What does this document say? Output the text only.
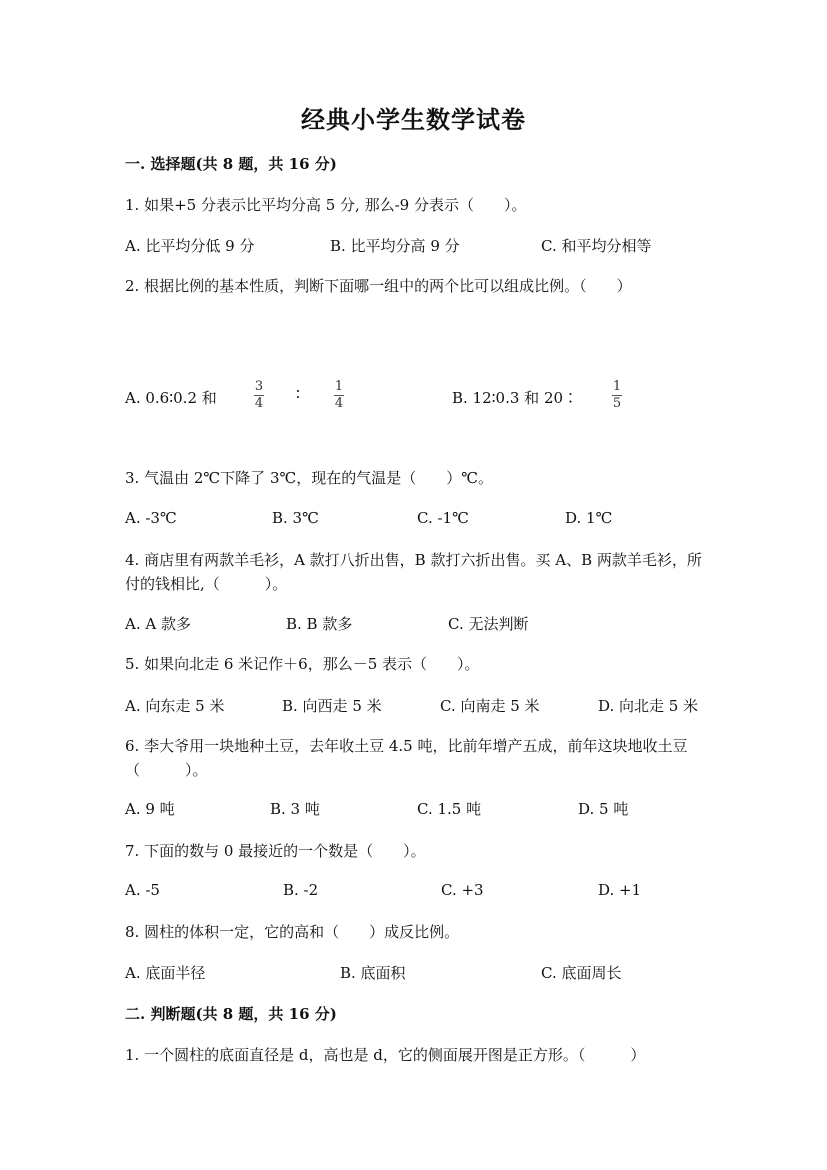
经典小学生数学试卷
一. 选择题(共 8 题，共 16 分)
1. 如果+5 分表示比平均分高 5 分, 那么-9 分表示（　　）。
A. 比平均分低 9 分	B. 比平均分高 9 分	C. 和平均分相等
2. 根据比例的基本性质，判断下面哪一组中的两个比可以组成比例。（　　）
A. 0.6∶0.2 和
3
4
∶	1
4	B. 12∶0.3 和 20∶
1
5
3. 气温由 2℃下降了 3℃，现在的气温是（　　）℃。
A. -3℃	B. 3℃	C. -1℃	D. 1℃
4. 商店里有两款羊毛衫，A 款打八折出售，B 款打六折出售。买 A、B 两款羊毛衫，所付的钱相比,（　　　）。
A. A 款多	B. B 款多	C. 无法判断
5. 如果向北走 6 米记作＋6，那么－5 表示（　　）。
A. 向东走 5 米	B. 向西走 5 米	C. 向南走 5 米	D. 向北走 5 米
6. 李大爷用一块地种土豆，去年收土豆 4.5 吨，比前年增产五成，前年这块地收土豆（　　　）。
A. 9 吨	B. 3 吨	C. 1.5 吨	D. 5 吨
7. 下面的数与 0 最接近的一个数是（　　）。
A. -5	B. -2	C. +3	D. +1
8. 圆柱的体积一定，它的高和（　　）成反比例。
A. 底面半径	B. 底面积	C. 底面周长
二. 判断题(共 8 题，共 16 分)
1. 一个圆柱的底面直径是 d，高也是 d，它的侧面展开图是正方形。（　　　）
